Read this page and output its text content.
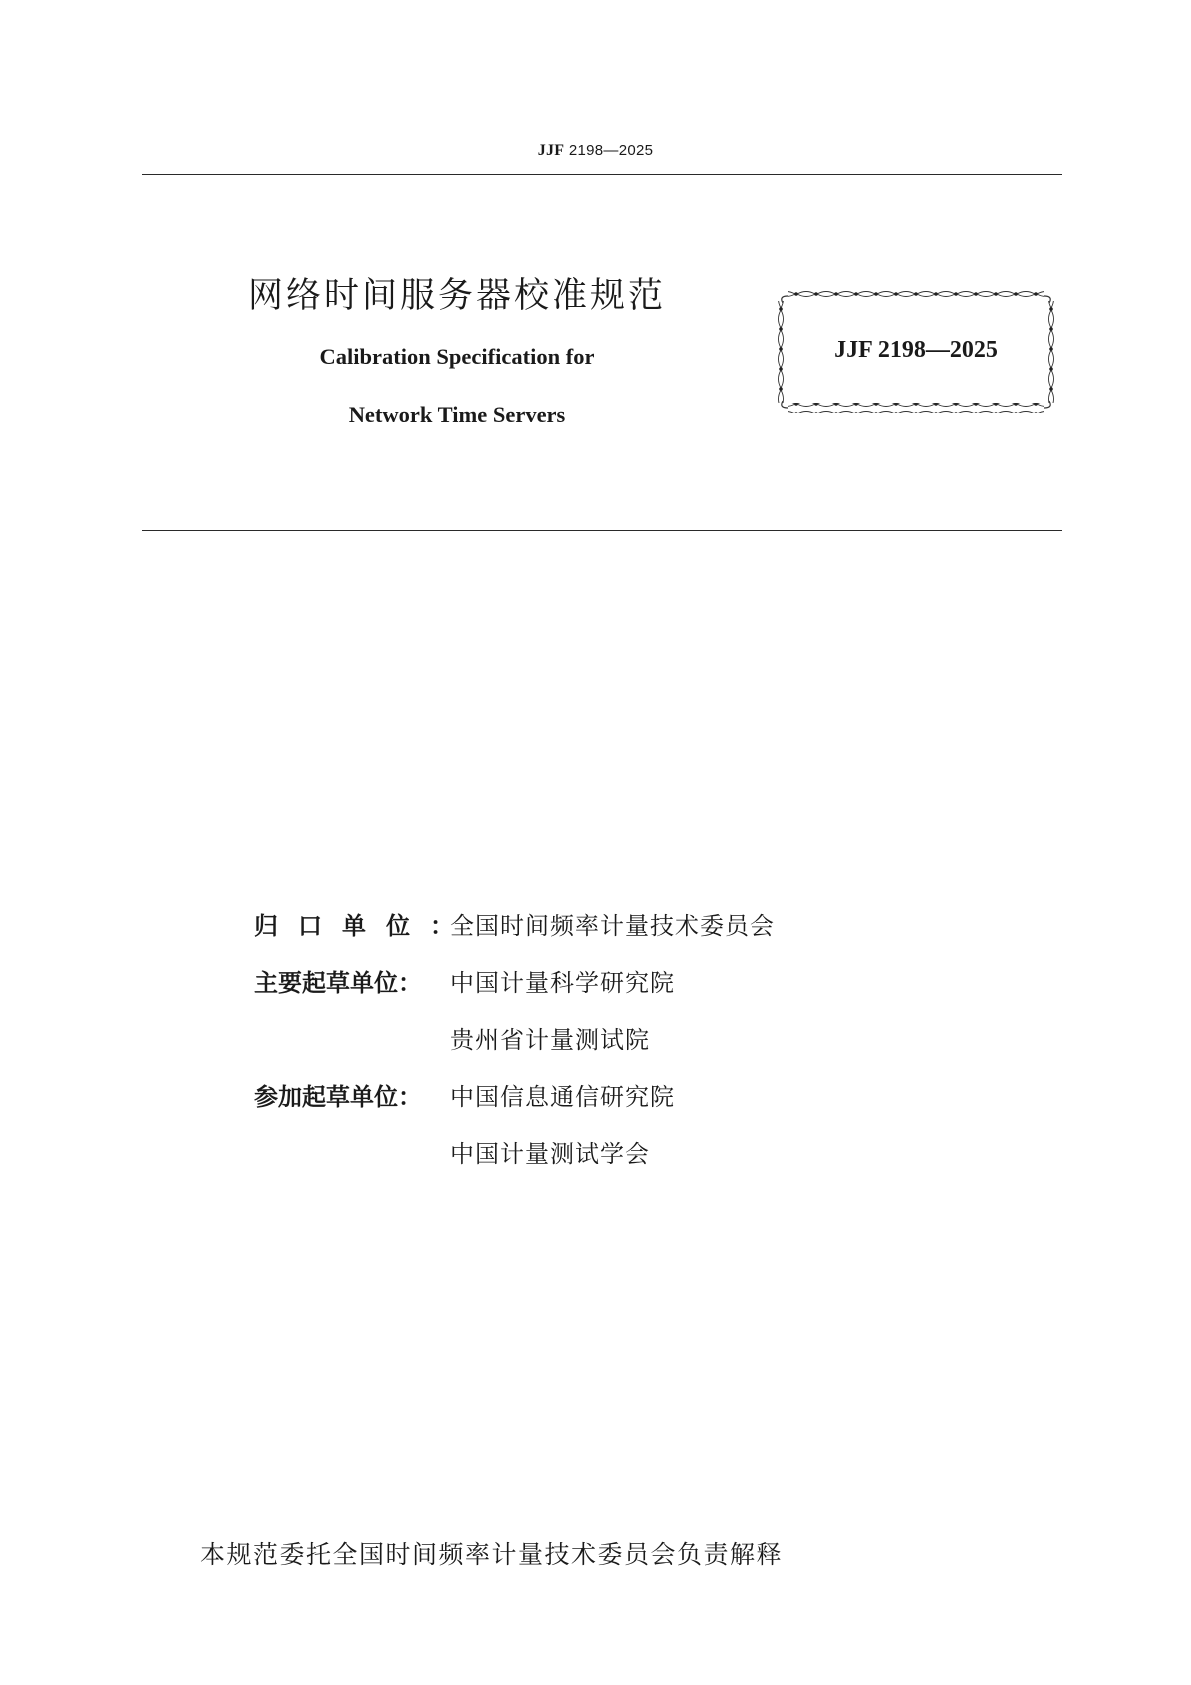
JJF 2198—2025
网络时间服务器校准规范
Calibration Specification for
Network Time Servers
JJF 2198—2025
归口单位：
全国时间频率计量技术委员会
主要起草单位：	中国计量科学研究院
贵州省计量测试院
参加起草单位：	中国信息通信研究院
中国计量测试学会
本规范委托全国时间频率计量技术委员会负责解释
